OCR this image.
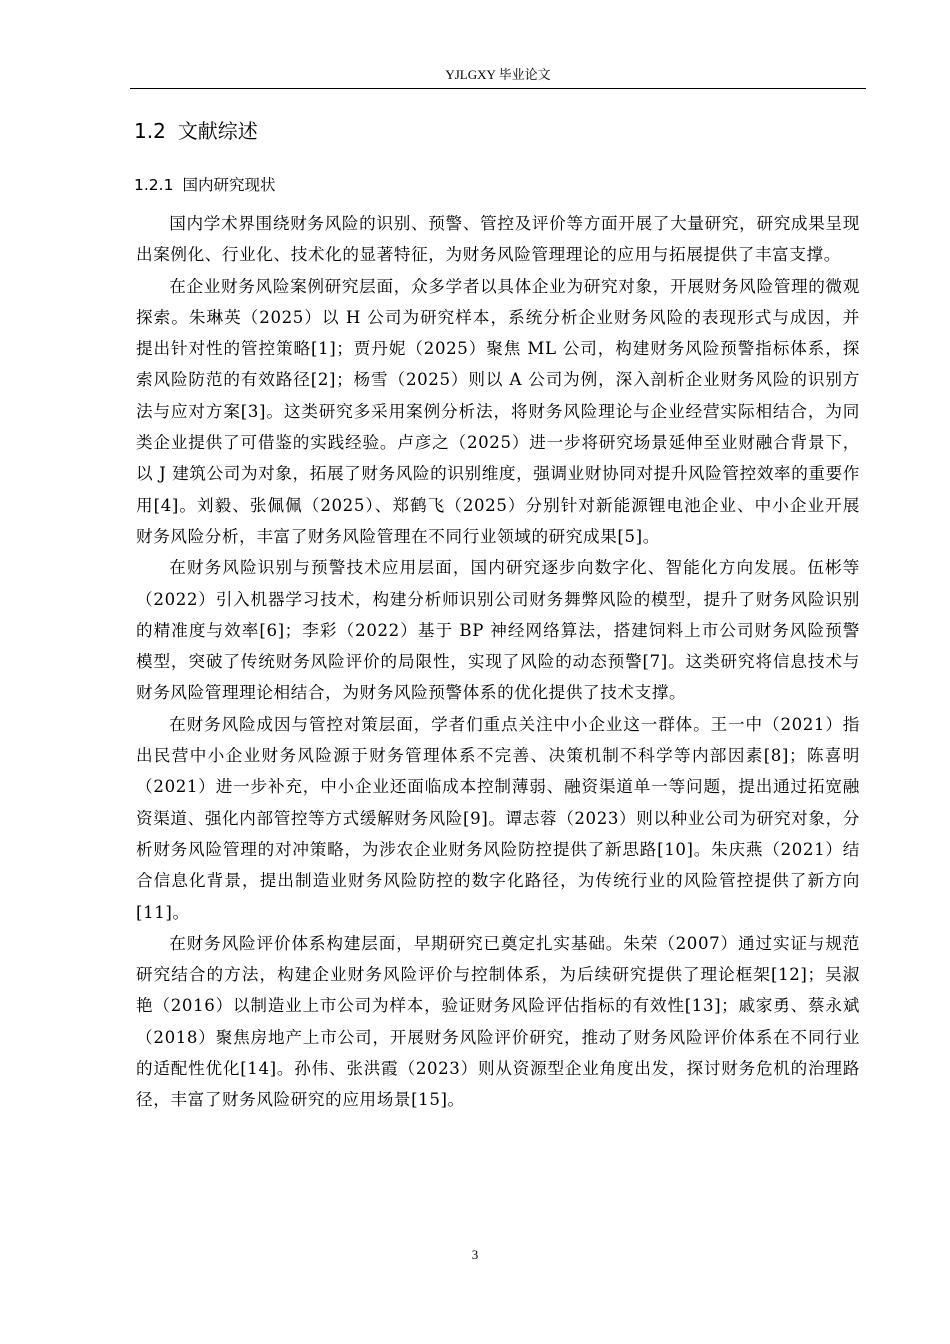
YJLGXY 毕业论文
1.2 文献综述
1.2.1 国内研究现状

国内学术界围绕财务风险的识别、预警、管控及评价等方面开展了大量研究，研究成果呈现出案例化、行业化、技术化的显著特征，为财务风险管理理论的应用与拓展提供了丰富支撑。

在企业财务风险案例研究层面，众多学者以具体企业为研究对象，开展财务风险管理的微观探索。朱琳英（2025）以 H 公司为研究样本，系统分析企业财务风险的表现形式与成因，并提出针对性的管控策略[1]；贾丹妮（2025）聚焦 ML 公司，构建财务风险预警指标体系，探索风险防范的有效路径[2]；杨雪（2025）则以 A 公司为例，深入剖析企业财务风险的识别方法与应对方案[3]。这类研究多采用案例分析法，将财务风险理论与企业经营实际相结合，为同类企业提供了可借鉴的实践经验。卢彦之（2025）进一步将研究场景延伸至业财融合背景下，以 J 建筑公司为对象，拓展了财务风险的识别维度，强调业财协同对提升风险管控效率的重要作用[4]。刘毅、张佩佩（2025）、郑鹤飞（2025）分别针对新能源锂电池企业、中小企业开展财务风险分析，丰富了财务风险管理在不同行业领域的研究成果[5]。

在财务风险识别与预警技术应用层面，国内研究逐步向数字化、智能化方向发展。伍彬等（2022）引入机器学习技术，构建分析师识别公司财务舞弊风险的模型，提升了财务风险识别的精准度与效率[6]；李彩（2022）基于 BP 神经网络算法，搭建饲料上市公司财务风险预警模型，突破了传统财务风险评价的局限性，实现了风险的动态预警[7]。这类研究将信息技术与财务风险管理理论相结合，为财务风险预警体系的优化提供了技术支撑。

在财务风险成因与管控对策层面，学者们重点关注中小企业这一群体。王一中（2021）指出民营中小企业财务风险源于财务管理体系不完善、决策机制不科学等内部因素[8]；陈喜明（2021）进一步补充，中小企业还面临成本控制薄弱、融资渠道单一等问题，提出通过拓宽融资渠道、强化内部管控等方式缓解财务风险[9]。谭志蓉（2023）则以种业公司为研究对象，分析财务风险管理的对冲策略，为涉农企业财务风险防控提供了新思路[10]。朱庆燕（2021）结合信息化背景，提出制造业财务风险防控的数字化路径，为传统行业的风险管控提供了新方向[11]。

在财务风险评价体系构建层面，早期研究已奠定扎实基础。朱荣（2007）通过实证与规范研究结合的方法，构建企业财务风险评价与控制体系，为后续研究提供了理论框架[12]；吴淑艳（2016）以制造业上市公司为样本，验证财务风险评估指标的有效性[13]；戚家勇、蔡永斌（2018）聚焦房地产上市公司，开展财务风险评价研究，推动了财务风险评价体系在不同行业的适配性优化[14]。孙伟、张洪霞（2023）则从资源型企业角度出发，探讨财务危机的治理路径，丰富了财务风险研究的应用场景[15]。

3
